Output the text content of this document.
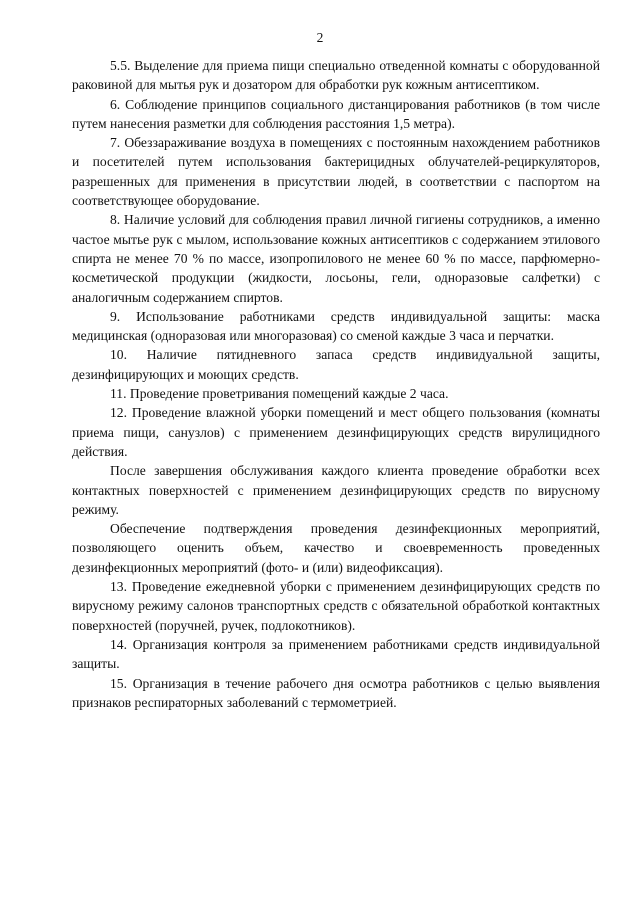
2

5.5. Выделение для приема пищи специально отведенной комнаты с оборудованной раковиной для мытья рук и дозатором для обработки рук кожным антисептиком.

6. Соблюдение принципов социального дистанцирования работников (в том числе путем нанесения разметки для соблюдения расстояния 1,5 метра).

7. Обеззараживание воздуха в помещениях с постоянным нахождением работников и посетителей путем использования бактерицидных облучателей-рециркуляторов, разрешенных для применения в присутствии людей, в соответствии с паспортом на соответствующее оборудование.

8. Наличие условий для соблюдения правил личной гигиены сотрудников, а именно частое мытье рук с мылом, использование кожных антисептиков с содержанием этилового спирта не менее 70 % по массе, изопропилового не менее 60 % по массе, парфюмерно-косметической продукции (жидкости, лосьоны, гели, одноразовые салфетки) с аналогичным содержанием спиртов.

9. Использование работниками средств индивидуальной защиты: маска медицинская (одноразовая или многоразовая) со сменой каждые 3 часа и перчатки.

10. Наличие пятидневного запаса средств индивидуальной защиты, дезинфицирующих и моющих средств.

11. Проведение проветривания помещений каждые 2 часа.

12. Проведение влажной уборки помещений и мест общего пользования (комнаты приема пищи, санузлов) с применением дезинфицирующих средств вирулицидного действия.

После завершения обслуживания каждого клиента проведение обработки всех контактных поверхностей с применением дезинфицирующих средств по вирусному режиму.

Обеспечение подтверждения проведения дезинфекционных мероприятий, позволяющего оценить объем, качество и своевременность проведенных дезинфекционных мероприятий (фото- и (или) видеофиксация).

13. Проведение ежедневной уборки с применением дезинфицирующих средств по вирусному режиму салонов транспортных средств с обязательной обработкой контактных поверхностей (поручней, ручек, подлокотников).

14. Организация контроля за применением работниками средств индивидуальной защиты.

15. Организация в течение рабочего дня осмотра работников с целью выявления признаков респираторных заболеваний с термометрией.
